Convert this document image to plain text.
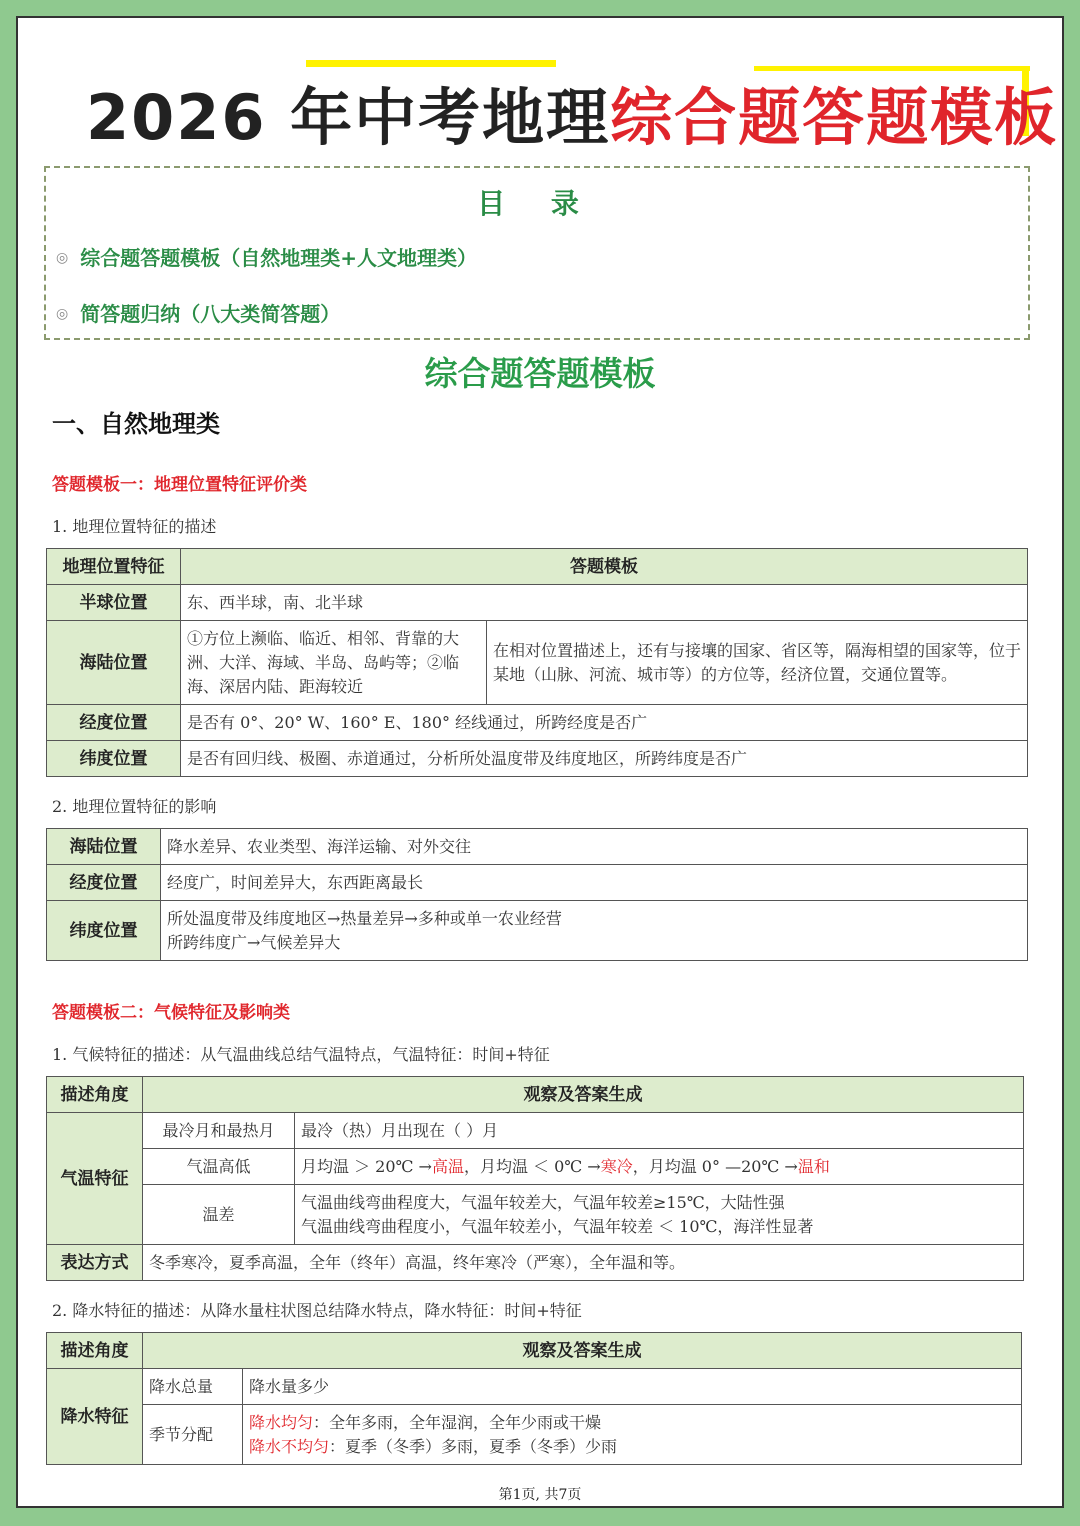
2026 年中考地理综合题答题模板
目 录
◎ 综合题答题模板（自然地理类+人文地理类）
◎ 简答题归纳（八大类简答题）
综合题答题模板
一、自然地理类
答题模板一：地理位置特征评价类
1. 地理位置特征的描述
地理位置特征	答题模板	
半球位置	东、西半球，南、北半球	
海陆位置	①方位上濒临、临近、相邻、背靠的大洲、大洋、海域、半岛、岛屿等；②临海、深居内陆、距海较近	在相对位置描述上，还有与接壤的国家、省区等，隔海相望的国家等，位于某地（山脉、河流、城市等）的方位等，经济位置，交通位置等。
经度位置	是否有 0°、20° W、160° E、180° 经线通过，所跨经度是否广	
纬度位置	是否有回归线、极圈、赤道通过，分析所处温度带及纬度地区，所跨纬度是否广	
2. 地理位置特征的影响
海陆位置	降水差异、农业类型、海洋运输、对外交往
经度位置	经度广，时间差异大，东西距离最长
纬度位置	所处温度带及纬度地区→热量差异→多种或单一农业经营
所跨纬度广→气候差异大
答题模板二：气候特征及影响类
1. 气候特征的描述：从气温曲线总结气温特点，气温特征：时间+特征
描述角度	观察及答案生成	
气温特征	最冷月和最热月	最冷（热）月出现在（ ）月
	气温高低	月均温 ＞ 20℃ →高温，月均温 ＜ 0℃ →寒冷，月均温 0° —20℃ →温和
	温差	气温曲线弯曲程度大，气温年较差大，气温年较差≥15℃，大陆性强
气温曲线弯曲程度小，气温年较差小，气温年较差 ＜ 10℃，海洋性显著

表达方式	冬季寒冷，夏季高温，全年（终年）高温，终年寒冷（严寒），全年温和等。	
2. 降水特征的描述：从降水量柱状图总结降水特点，降水特征：时间+特征
描述角度	观察及答案生成	
降水特征	降水总量	降水量多少
	季节分配	降水均匀：全年多雨，全年湿润，全年少雨或干燥
降水不均匀：夏季（冬季）多雨，夏季（冬季）少雨
第1页, 共7页
